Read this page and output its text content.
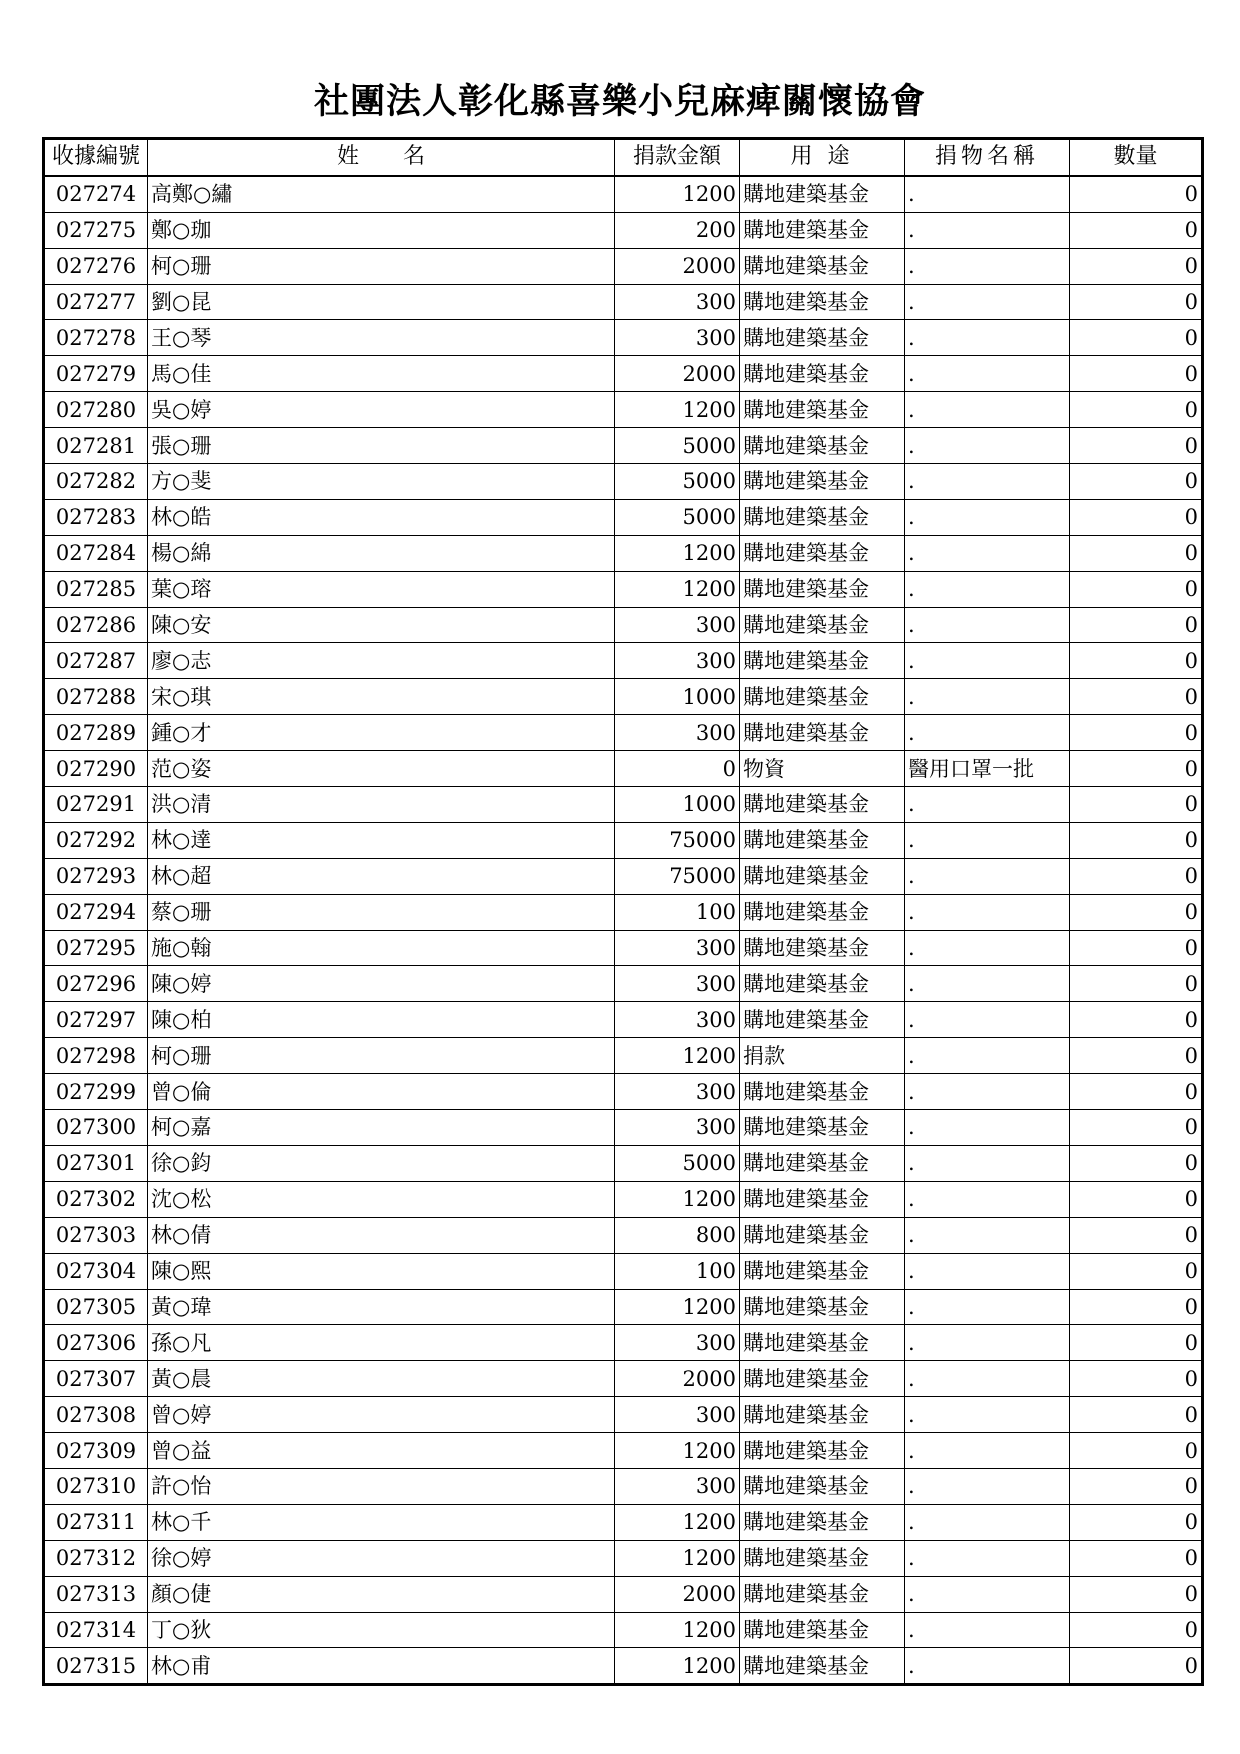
社團法人彰化縣喜樂小兒麻痺關懷協會
收據編號	姓　　名	捐款金額	用 途	捐物名稱	數量
027274	高鄭○繡	1200	購地建築基金	.	0
027275	鄭○珈	200	購地建築基金	.	0
027276	柯○珊	2000	購地建築基金	.	0
027277	劉○昆	300	購地建築基金	.	0
027278	王○琴	300	購地建築基金	.	0
027279	馬○佳	2000	購地建築基金	.	0
027280	吳○婷	1200	購地建築基金	.	0
027281	張○珊	5000	購地建築基金	.	0
027282	方○斐	5000	購地建築基金	.	0
027283	林○皓	5000	購地建築基金	.	0
027284	楊○綿	1200	購地建築基金	.	0
027285	葉○瑢	1200	購地建築基金	.	0
027286	陳○安	300	購地建築基金	.	0
027287	廖○志	300	購地建築基金	.	0
027288	宋○琪	1000	購地建築基金	.	0
027289	鍾○才	300	購地建築基金	.	0
027290	范○姿	0	物資	醫用口罩一批	0
027291	洪○清	1000	購地建築基金	.	0
027292	林○達	75000	購地建築基金	.	0
027293	林○超	75000	購地建築基金	.	0
027294	蔡○珊	100	購地建築基金	.	0
027295	施○翰	300	購地建築基金	.	0
027296	陳○婷	300	購地建築基金	.	0
027297	陳○柏	300	購地建築基金	.	0
027298	柯○珊	1200	捐款	.	0
027299	曾○倫	300	購地建築基金	.	0
027300	柯○嘉	300	購地建築基金	.	0
027301	徐○鈞	5000	購地建築基金	.	0
027302	沈○松	1200	購地建築基金	.	0
027303	林○倩	800	購地建築基金	.	0
027304	陳○熙	100	購地建築基金	.	0
027305	黃○瑋	1200	購地建築基金	.	0
027306	孫○凡	300	購地建築基金	.	0
027307	黃○晨	2000	購地建築基金	.	0
027308	曾○婷	300	購地建築基金	.	0
027309	曾○益	1200	購地建築基金	.	0
027310	許○怡	300	購地建築基金	.	0
027311	林○千	1200	購地建築基金	.	0
027312	徐○婷	1200	購地建築基金	.	0
027313	顏○倢	2000	購地建築基金	.	0
027314	丁○狄	1200	購地建築基金	.	0
027315	林○甫	1200	購地建築基金	.	0
